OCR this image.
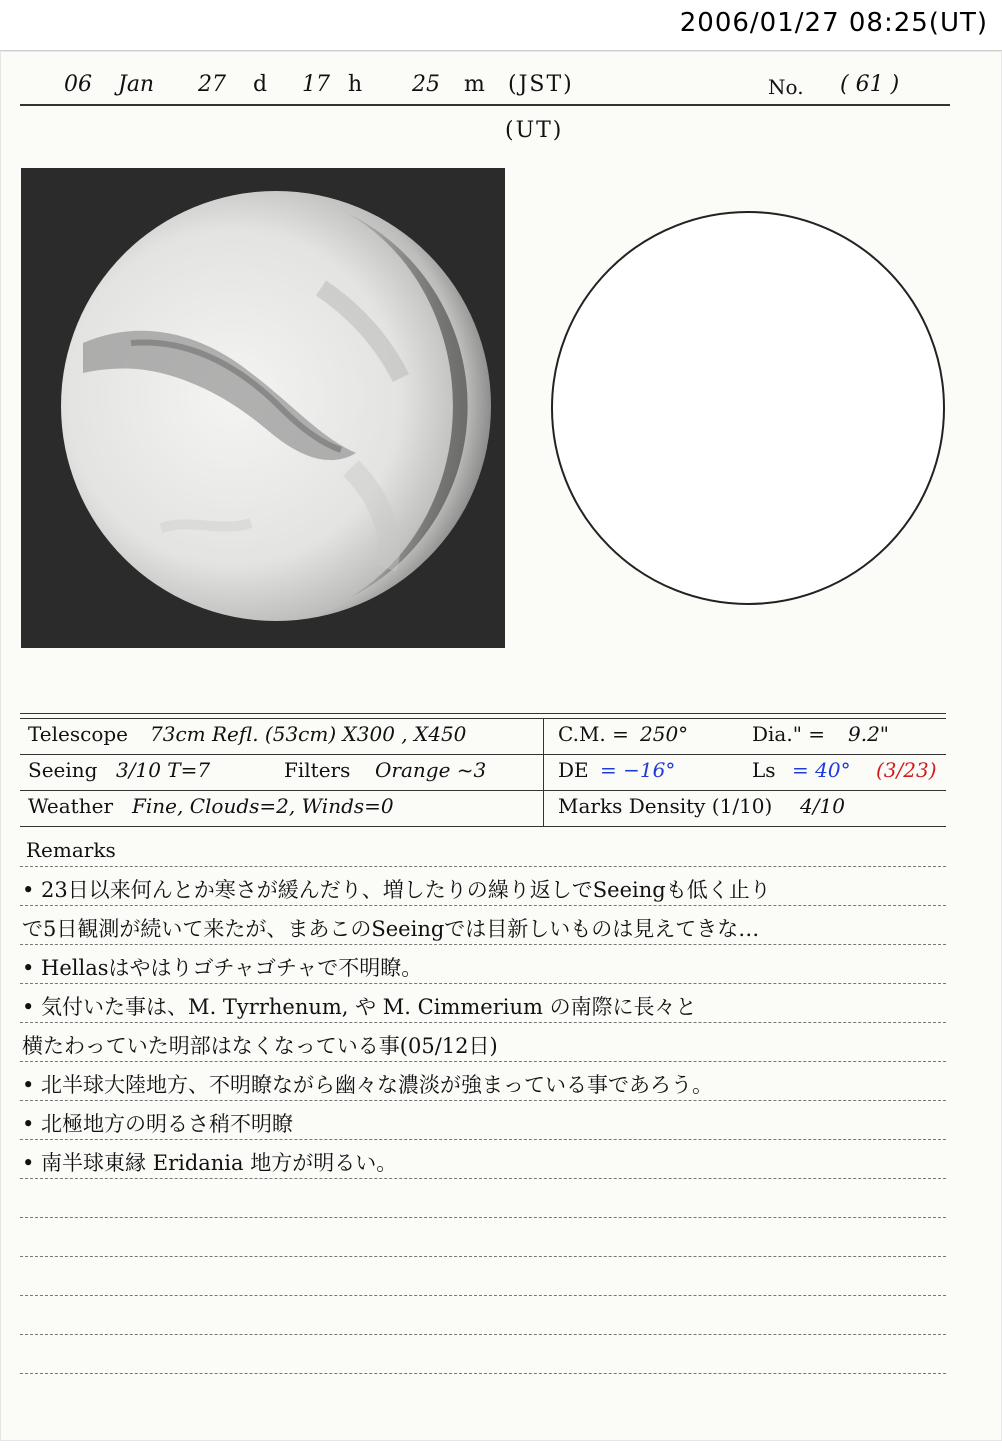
2006/01/27 08:25(UT)
06 Jan 27 d 17 h 25 m (JST)	No. ( 61 )
(UT)
Telescope 73cm Refl. (53cm) X300 , X450	C.M. = 250°	Dia." = 9.2"
Seeing 3/10 T=7	Filters Orange ~3	DE = −16°	Ls = 40° (3/23)
Weather Fine, Clouds=2, Winds=0	Marks Density (1/10) 4/10
Remarks
• 23日以来何んとか寒さが緩んだり、増したりの繰り返しでSeeingも低く止り
で5日観測が続いて来たが、まあこのSeeingでは目新しいものは見えてきな…
• Hellasはやはりゴチャゴチャで不明瞭。
• 気付いた事は、M. Tyrrhenum, や M. Cimmerium の南際に長々と
横たわっていた明部はなくなっている事(05/12日)
• 北半球大陸地方、不明瞭ながら幽々な濃淡が強まっている事であろう。
• 北極地方の明るさ稍不明瞭
• 南半球東縁 Eridania 地方が明るい。
